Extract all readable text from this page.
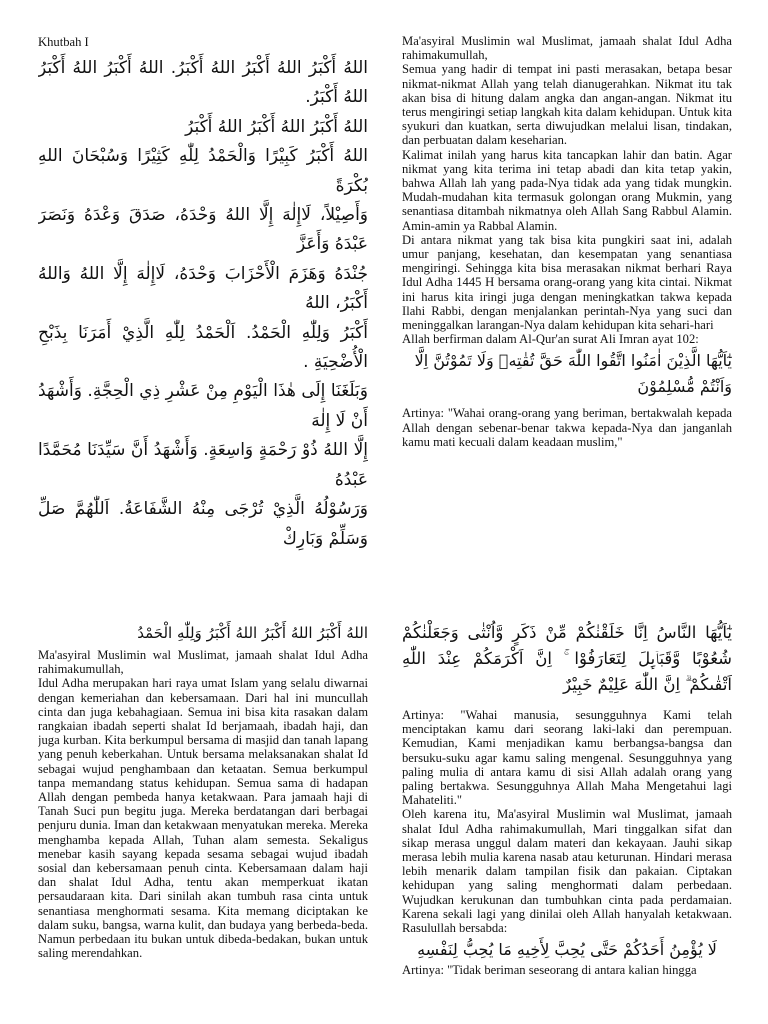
Khutbah I

اللهُ أَكْبَرُ اللهُ أَكْبَرُ اللهُ أَكْبَرُ. اللهُ أَكْبَرُ اللهُ أَكْبَرُ اللهُ أَكْبَرُ.
اللهُ أَكْبَرُ اللهُ أَكْبَرُ اللهُ أَكْبَرُ
اللهُ أَكْبَرُ كَبِيْرًا وَالْحَمْدُ لِلّٰهِ كَثِيْرًا وَسُبْحَانَ اللهِ بُكْرَةً
وَأَصِيْلاً، لَاإِلٰهَ إِلَّا اللهُ وَحْدَهُ، صَدَقَ وَعْدَهُ وَنَصَرَ عَبْدَهُ وَأَعَزَّ
جُنْدَهُ وَهَزَمَ الْأَحْزَابَ وَحْدَهُ، لَاإِلٰهَ إِلَّا اللهُ وَاللهُ أَكْبَرُ، اللهُ
أَكْبَرُ وَلِلّٰهِ الْحَمْدُ. اَلْحَمْدُ لِلّٰهِ الَّذِيْ أَمَرَنَا بِذَبْحِ الْأُضْحِيَةِ .
وَبَلَغَنَا إِلَى هٰذَا الْيَوْمِ مِنْ عَشْرِ ذِي الْحِجَّةِ. وَأَشْهَدُ أَنْ لَا إِلٰهَ
إِلَّا اللهُ ذُوْ رَحْمَةٍ وَاسِعَةٍ. وَأَشْهَدُ أَنَّ سَيِّدَنَا مُحَمَّدًا عَبْدُهُ
وَرَسُوْلُهُ الَّذِيْ تُرْجَى مِنْهُ الشَّفَاعَةُ. اَللّٰهُمَّ صَلِّ وَسَلِّمْ وَبَارِكْ

Ma'asyiral Muslimin wal Muslimat, jamaah shalat Idul Adha rahimakumullah,

Semua yang hadir di tempat ini pasti merasakan, betapa besar nikmat-nikmat Allah yang telah dianugerahkan. Nikmat itu tak akan bisa di hitung dalam angka dan angan-angan. Nikmat itu terus mengiringi setiap langkah kita dalam kehidupan. Untuk kita syukuri dan kuatkan, serta diwujudkan melalui lisan, tindakan, dan perbuatan dalam keseharian.

Kalimat inilah yang harus kita tancapkan lahir dan batin. Agar nikmat yang kita terima ini tetap abadi dan kita tetap yakin, bahwa Allah lah yang pada-Nya tidak ada yang tidak mungkin. Mudah-mudahan kita termasuk golongan orang Mukmin, yang senantiasa ditambah nikmatnya oleh Allah Sang Rabbul Alamin. Amin-amin ya Rabbal Alamin.

Di antara nikmat yang tak bisa kita pungkiri saat ini, adalah umur panjang, kesehatan, dan kesempatan yang senantiasa mengiringi. Sehingga kita bisa merasakan nikmat berhari Raya Idul Adha 1445 H bersama orang-orang yang kita cintai. Nikmat ini harus kita iringi juga dengan meningkatkan takwa kepada Ilahi Rabbi, dengan menjalankan perintah-Nya yang suci dan meninggalkan larangan-Nya dalam kehidupan kita sehari-hari

Allah berfirman dalam Al-Qur'an surat Ali Imran ayat 102:

يٰٓاَيُّهَا الَّذِيْنَ اٰمَنُوا اتَّقُوا اللّٰهَ حَقَّ تُقٰتِهٖ وَلَا تَمُوْتُنَّ اِلَّا وَاَنْتُمْ مُّسْلِمُوْنَ

Artinya: "Wahai orang-orang yang beriman, bertakwalah kepada Allah dengan sebenar-benar takwa kepada-Nya dan janganlah kamu mati kecuali dalam keadaan muslim,"

اللهُ أَكْبَرُ اللهُ أَكْبَرُ اللهُ أَكْبَرُ وَلِلّٰهِ الْحَمْدُ

Ma'asyiral Muslimin wal Muslimat, jamaah shalat Idul Adha rahimakumullah,

Idul Adha merupakan hari raya umat Islam yang selalu diwarnai dengan kemeriahan dan kebersamaan. Dari hal ini muncullah cinta dan juga kebahagiaan. Semua ini bisa kita rasakan dalam rangkaian ibadah seperti shalat Id berjamaah, ibadah haji, dan juga kurban. Kita berkumpul bersama di masjid dan tanah lapang yang penuh keberkahan. Untuk bersama melaksanakan shalat Id sebagai wujud penghambaan dan ketaatan. Semua berkumpul tanpa memandang status kehidupan. Semua sama di hadapan Allah dengan pembeda hanya ketakwaan. Para jamaah haji di Tanah Suci pun begitu juga. Mereka berdatangan dari berbagai penjuru dunia. Iman dan ketakwaan menyatukan mereka. Mereka menghamba kepada Allah, Tuhan alam semesta. Sekaligus menebar kasih sayang kepada sesama sebagai wujud ibadah sosial dan kebersamaan penuh cinta. Kebersamaan dalam haji dan shalat Idul Adha, tentu akan memperkuat ikatan persaudaraan kita. Dari sinilah akan tumbuh rasa cinta untuk senantiasa menghormati sesama. Kita memang diciptakan ke dalam suku, bangsa, warna kulit, dan budaya yang berbeda-beda. Namun perbedaan itu bukan untuk dibeda-bedakan, bukan untuk saling merendahkan.

يٰٓاَيُّهَا النَّاسُ اِنَّا خَلَقْنٰكُمْ مِّنْ ذَكَرٍ وَّاُنْثٰى وَجَعَلْنٰكُمْ شُعُوْبًا وَّقَبَاۤىِٕلَ لِتَعَارَفُوْا ۚ اِنَّ اَكْرَمَكُمْ عِنْدَ اللّٰهِ اَتْقٰىكُمْ ۗ اِنَّ اللّٰهَ عَلِيْمٌ خَبِيْرٌ

Artinya: "Wahai manusia, sesungguhnya Kami telah menciptakan kamu dari seorang laki-laki dan perempuan. Kemudian, Kami menjadikan kamu berbangsa-bangsa dan bersuku-suku agar kamu saling mengenal. Sesungguhnya yang paling mulia di antara kamu di sisi Allah adalah orang yang paling bertakwa. Sesungguhnya Allah Maha Mengetahui lagi Mahateliti."

Oleh karena itu, Ma'asyiral Muslimin wal Muslimat, jamaah shalat Idul Adha rahimakumullah, Mari tinggalkan sifat dan sikap merasa unggul dalam materi dan kekayaan. Jauhi sikap merasa lebih mulia karena nasab atau keturunan. Hindari merasa lebih menarik dalam tampilan fisik dan pakaian. Ciptakan kehidupan yang saling menghormati dalam perbedaan. Wujudkan kerukunan dan tumbuhkan cinta pada perdamaian. Karena sekali lagi yang dinilai oleh Allah hanyalah ketakwaan. Rasulullah bersabda:

لَا يُؤْمِنُ أَحَدُكُمْ حَتَّى يُحِبَّ لِأَخِيهِ مَا يُحِبُّ لِنَفْسِهِ

Artinya: "Tidak beriman seseorang di antara kalian hingga
